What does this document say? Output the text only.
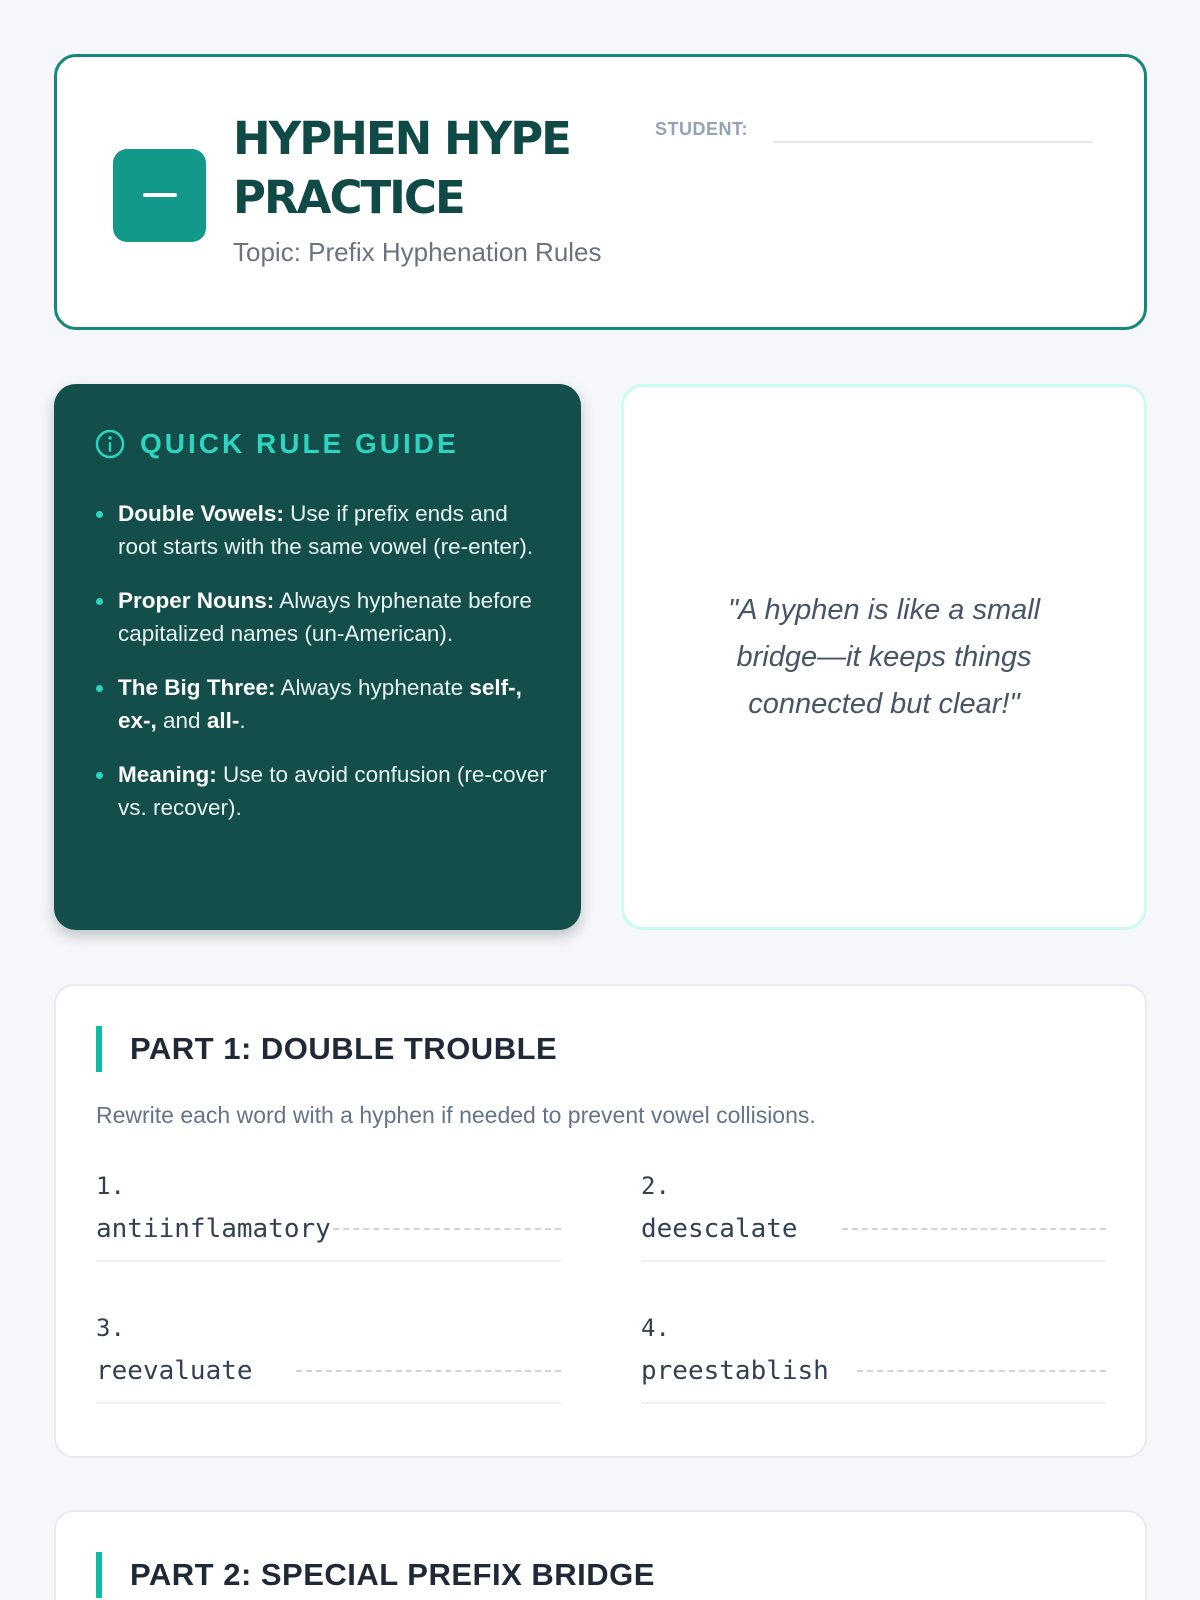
HYPHEN HYPE PRACTICE
Topic: Prefix Hyphenation Rules
STUDENT:
QUICK RULE GUIDE
Double Vowels: Use if prefix ends and root starts with the same vowel (re-enter).
Proper Nouns: Always hyphenate before capitalized names (un-American).
The Big Three: Always hyphenate self-, ex-, and all-.
Meaning: Use to avoid confusion (re-cover vs. recover).

"A hyphen is like a small bridge—it keeps things connected but clear!"

PART 1: DOUBLE TROUBLE

Rewrite each word with a hyphen if needed to prevent vowel collisions.

1.
antiinflamatory
2.
deescalate
3.
reevaluate
4.
preestablish
PART 2: SPECIAL PREFIX BRIDGE
